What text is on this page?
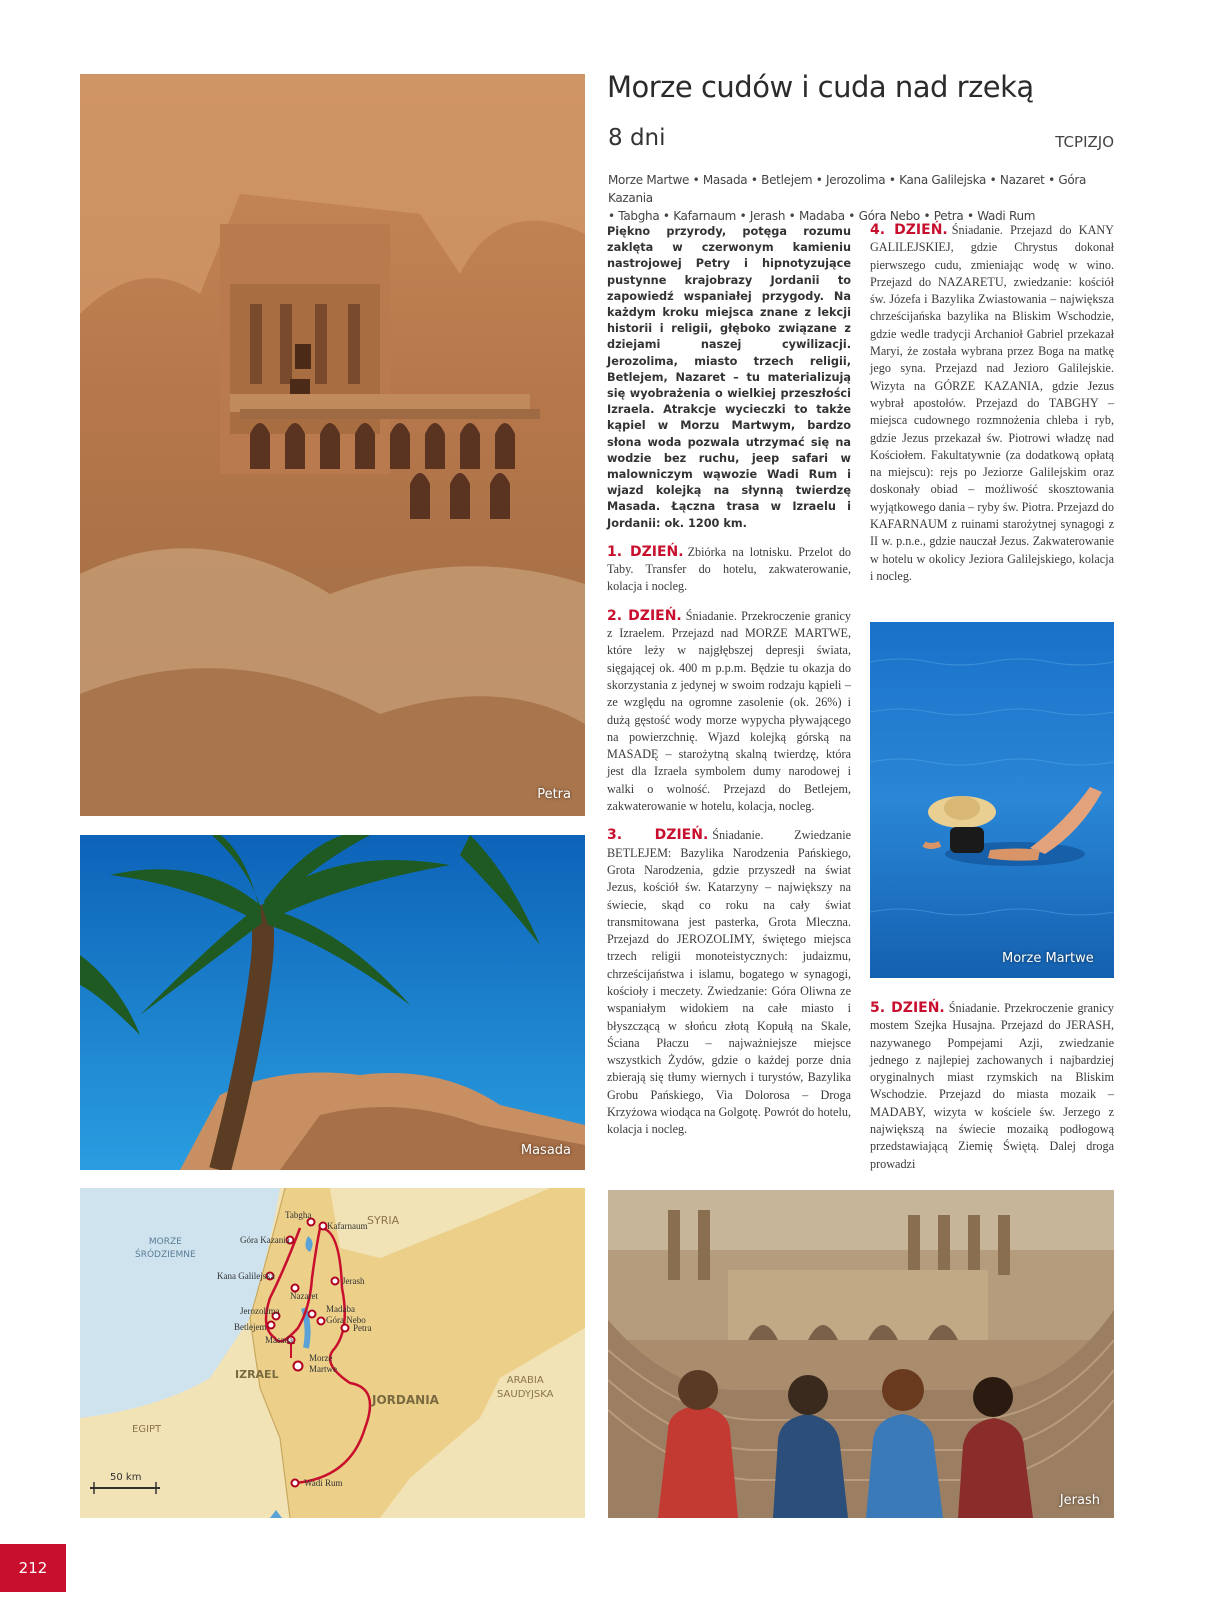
Petra
Masada
MORZE
ŚRÓDZIEMNE
SYRIA
IZRAEL
JORDANIA
ARABIA
SAUDYJSKA
EGIPT
50 km
Tabgha
Kafarnaum
Góra Kazania
Kana Galilejska
Nazaret
Jerash
Jerozolima
Betlejem
Madaba
Góra Nebo
Petra
Masada
Morze
Martwe
Wadi Rum
Morze Martwe
Jerash
Morze cudów i cuda nad rzeką
8 dni	TCPIZJO
Morze Martwe • Masada • Betlejem • Jerozolima • Kana Galilejska • Nazaret • Góra Kazania
• Tabgha • Kafarnaum • Jerash • Madaba • Góra Nebo • Petra • Wadi Rum

Piękno przyrody, potęga rozumu zaklęta w czerwonym kamieniu nastrojowej Petry i hipnotyzujące pustynne krajobrazy Jordanii to zapowiedź wspaniałej przygody. Na każdym kroku miejsca znane z lekcji historii i religii, głęboko związane z dziejami naszej cywilizacji. Jerozolima, miasto trzech religii, Betlejem, Nazaret – tu materializują się wyobrażenia o wielkiej przeszłości Izraela. Atrakcje wycieczki to także kąpiel w Morzu Martwym, bardzo słona woda pozwala utrzymać się na wodzie bez ruchu, jeep safari w malowniczym wąwozie Wadi Rum i wjazd kolejką na słynną twierdzę Masada. Łączna trasa w Izraelu i Jordanii: ok. 1200 km.

1. DZIEŃ. Zbiórka na lotnisku. Przelot do Taby. Transfer do hotelu, zakwaterowanie, kolacja i nocleg.

2. DZIEŃ. Śniadanie. Przekroczenie granicy z Izraelem. Przejazd nad MORZE MARTWE, które leży w najgłębszej depresji świata, sięgającej ok. 400 m p.p.m. Będzie tu okazja do skorzystania z jedynej w swoim rodzaju kąpieli – ze względu na ogromne zasolenie (ok. 26%) i dużą gęstość wody morze wypycha pływającego na powierzchnię. Wjazd kolejką górską na MASADĘ – starożytną skalną twierdzę, która jest dla Izraela symbolem dumy narodowej i walki o wolność. Przejazd do Betlejem, zakwaterowanie w hotelu, kolacja, nocleg.

3. DZIEŃ. Śniadanie. Zwiedzanie BETLEJEM: Bazylika Narodzenia Pańskiego, Grota Narodzenia, gdzie przyszedł na świat Jezus, kościół św. Katarzyny – największy na świecie, skąd co roku na cały świat transmitowana jest pasterka, Grota Mleczna. Przejazd do JEROZOLIMY, świętego miejsca trzech religii monoteistycznych: judaizmu, chrześcijaństwa i islamu, bogatego w synagogi, kościoły i meczety. Zwiedzanie: Góra Oliwna ze wspaniałym widokiem na całe miasto i błyszczącą w słońcu złotą Kopułą na Skale, Ściana Płaczu – najważniejsze miejsce wszystkich Żydów, gdzie o każdej porze dnia zbierają się tłumy wiernych i turystów, Bazylika Grobu Pańskiego, Via Dolorosa – Droga Krzyżowa wiodąca na Golgotę. Powrót do hotelu, kolacja i nocleg.

4. DZIEŃ. Śniadanie. Przejazd do KANY GALILEJSKIEJ, gdzie Chrystus dokonał pierwszego cudu, zmieniając wodę w wino. Przejazd do NAZARETU, zwiedzanie: kościół św. Józefa i Bazylika Zwiastowania – największa chrześcijańska bazylika na Bliskim Wschodzie, gdzie wedle tradycji Archanioł Gabriel przekazał Maryi, że została wybrana przez Boga na matkę jego syna. Przejazd nad Jezioro Galilejskie. Wizyta na GÓRZE KAZANIA, gdzie Jezus wybrał apostołów. Przejazd do TABGHY – miejsca cudownego rozmnożenia chleba i ryb, gdzie Jezus przekazał św. Piotrowi władzę nad Kościołem. Fakultatywnie (za dodatkową opłatą na miejscu): rejs po Jeziorze Galilejskim oraz doskonały obiad – możliwość skosztowania wyjątkowego dania – ryby św. Piotra. Przejazd do KAFARNAUM z ruinami starożytnej synagogi z II w. p.n.e., gdzie nauczał Jezus. Zakwaterowanie w hotelu w okolicy Jeziora Galilejskiego, kolacja i nocleg.

5. DZIEŃ. Śniadanie. Przekroczenie granicy mostem Szejka Husajna. Przejazd do JERASH, nazywanego Pompejami Azji, zwiedzanie jednego z najlepiej zachowanych i najbardziej oryginalnych miast rzymskich na Bliskim Wschodzie. Przejazd do miasta mozaik – MADABY, wizyta w kościele św. Jerzego z największą na świecie mozaiką podłogową przedstawiającą Ziemię Świętą. Dalej droga prowadzi

212
